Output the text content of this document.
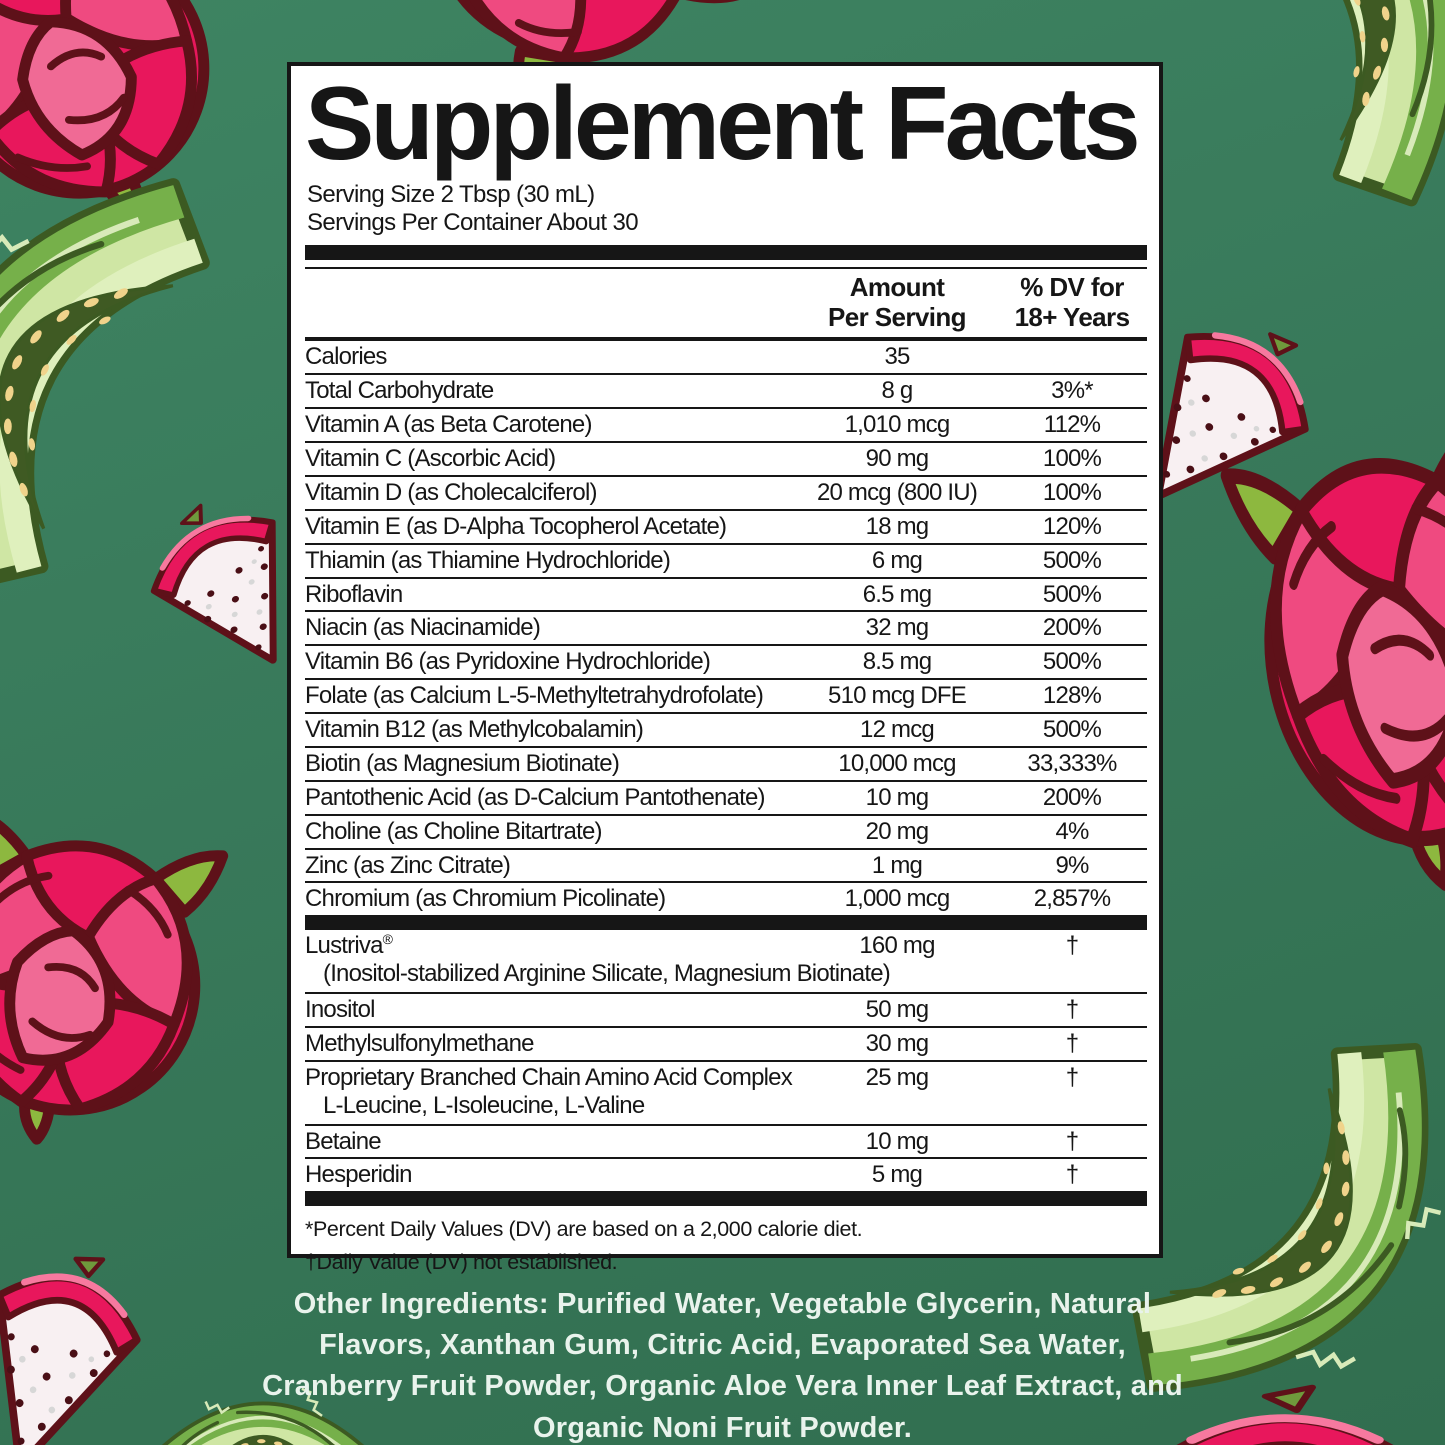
Supplement Facts
Serving Size 2 Tbsp (30 mL)
Servings Per Container About 30
Amount
Per Serving
% DV for
18+ Years
Calories	35
Total Carbohydrate	8 g	3%*
Vitamin A (as Beta Carotene)	1,010 mcg	112%
Vitamin C (Ascorbic Acid)	90 mg	100%
Vitamin D (as Cholecalciferol)	20 mcg (800 IU)	100%
Vitamin E (as D-Alpha Tocopherol Acetate)	18 mg	120%
Thiamin (as Thiamine Hydrochloride)	6 mg	500%
Riboflavin	6.5 mg	500%
Niacin (as Niacinamide)	32 mg	200%
Vitamin B6 (as Pyridoxine Hydrochloride)	8.5 mg	500%
Folate (as Calcium L-5-Methyltetrahydrofolate)	510 mcg DFE	128%
Vitamin B12 (as Methylcobalamin)	12 mcg	500%
Biotin (as Magnesium Biotinate)	10,000 mcg	33,333%
Pantothenic Acid (as D-Calcium Pantothenate)	10 mg	200%
Choline (as Choline Bitartrate)	20 mg	4%
Zinc (as Zinc Citrate)	1 mg	9%
Chromium (as Chromium Picolinate)	1,000 mcg	2,857%
Lustriva®	160 mg	†
(Inositol-stabilized Arginine Silicate, Magnesium Biotinate)
Inositol	50 mg	†
Methylsulfonylmethane	30 mg	†
Proprietary Branched Chain Amino Acid Complex	25 mg	†
L-Leucine, L-Isoleucine, L-Valine
Betaine	10 mg	†
Hesperidin	5 mg	†
*Percent Daily Values (DV) are based on a 2,000 calorie diet.
†Daily Value (DV) not established.
Other Ingredients: Purified Water, Vegetable Glycerin, Natural
Flavors, Xanthan Gum, Citric Acid, Evaporated Sea Water,
Cranberry Fruit Powder, Organic Aloe Vera Inner Leaf Extract, and
Organic Noni Fruit Powder.
